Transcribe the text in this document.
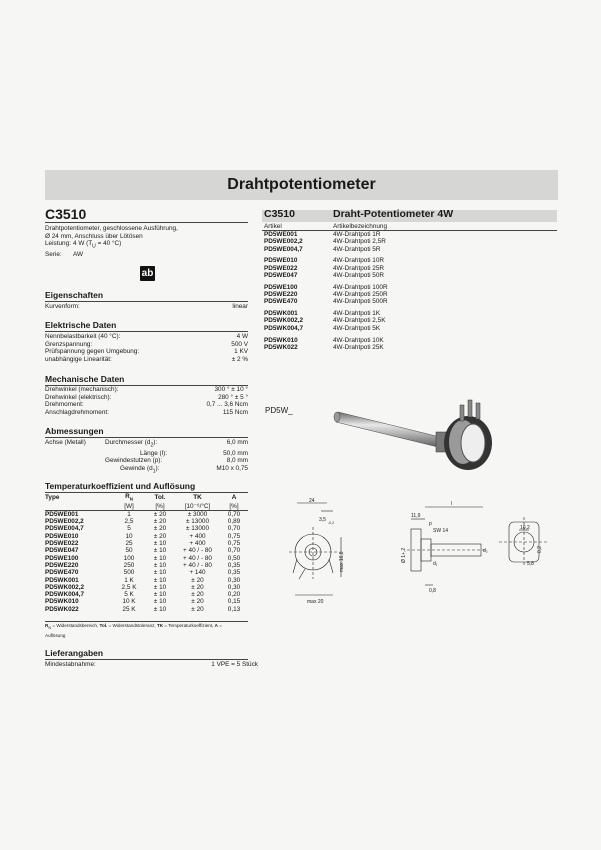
Drahtpotentiometer
C3510
Drahtpotentiometer, geschlossene Ausführung,
Ø 24 mm, Anschluss über Lötösen
Leistung: 4 W ($T_U = 40$ °C)
Serie:	AW
ab
Eigenschaften
Kurvenform:	linear
Elektrische Daten
Nennbelastbarkeit (40 °C):	4 W
Grenzspannung:	500 V
Prüfspannung gegen Umgebung:	1 KV
unabhängige Linearität:	± 2 %
Mechanische Daten
Drehwinkel (mechanisch):	300 ° ± 10 °
Drehwinkel (elektrisch):	280 ° ± 5 °
Drehmoment:	0,7 ... 3,6 Ncm
Anschlagdrehmoment:	115 Ncm
Abmessungen
Achse (Metall)	Durchmesser $(d_2)$:	6,0 mm
Länge (l):	50,0 mm
Gewindestutzen (p):	8,0 mm
Gewinde $(d_1)$:	M10 x 0,75
Temperaturkoeffizient und Auflösung
Type	$R_N$	Tol.	TK	A
	[W]	[%]	[10⁻⁶/°C]	[%]
PD5WE001	1	± 20	± 3000	0,70
PD5WE002,2	2,5	± 20	± 13000	0,89
PD5WE004,7	5	± 20	± 13000	0,70
PD5WE010	10	± 20	+ 400	0,75
PD5WE022	25	± 10	+ 400	0,75
PD5WE047	50	± 10	+ 40 / - 80	0,70
PD5WE100	100	± 10	+ 40 / - 80	0,50
PD5WE220	250	± 10	+ 40 / - 80	0,35
PD5WE470	500	± 10	+ 140	0,35
PD5WK001	1 K	± 10	± 20	0,30
PD5WK002,2	2,5 K	± 10	± 20	0,30
PD5WK004,7	5 K	± 10	± 20	0,20
PD5WK010	10 K	± 10	± 20	0,15
PD5WK022	25 K	± 10	± 20	0,13
$R_N$ = Widerstandsbereich, Tol. = Widerstandstoleranz, TK = Temperaturkoeffizient, A =
Auflösung
Lieferangaben
Mindestabnahme:	1 VPE = 5 Stück
C3510	Draht-Potentiometer 4W
Artikel	Artikelbezeichnung
PD5WE001	4W-Drahtpoti 1R
PD5WE002,2	4W-Drahtpoti 2,5R
PD5WE004,7	4W-Drahtpoti 5R
PD5WE010	4W-Drahtpoti 10R
PD5WE022	4W-Drahtpoti 25R
PD5WE047	4W-Drahtpoti 50R
PD5WE100	4W-Drahtpoti 100R
PD5WE220	4W-Drahtpoti 250R
PD5WE470	4W-Drahtpoti 500R
PD5WK001	4W-Drahtpoti 1K
PD5WK002,2	4W-Drahtpoti 2,5K
PD5WK004,7	4W-Drahtpoti 5K
PD5WK010	4W-Drahtpoti 10K
PD5WK022	4W-Drahtpoti 25K
PD5W_
24
3,5 -0,2
max 16,8
max 20
11,9
l
p
SW 14
Ø 1+,2	d₂
d₁
0,8
10,2
5,8
0,2
